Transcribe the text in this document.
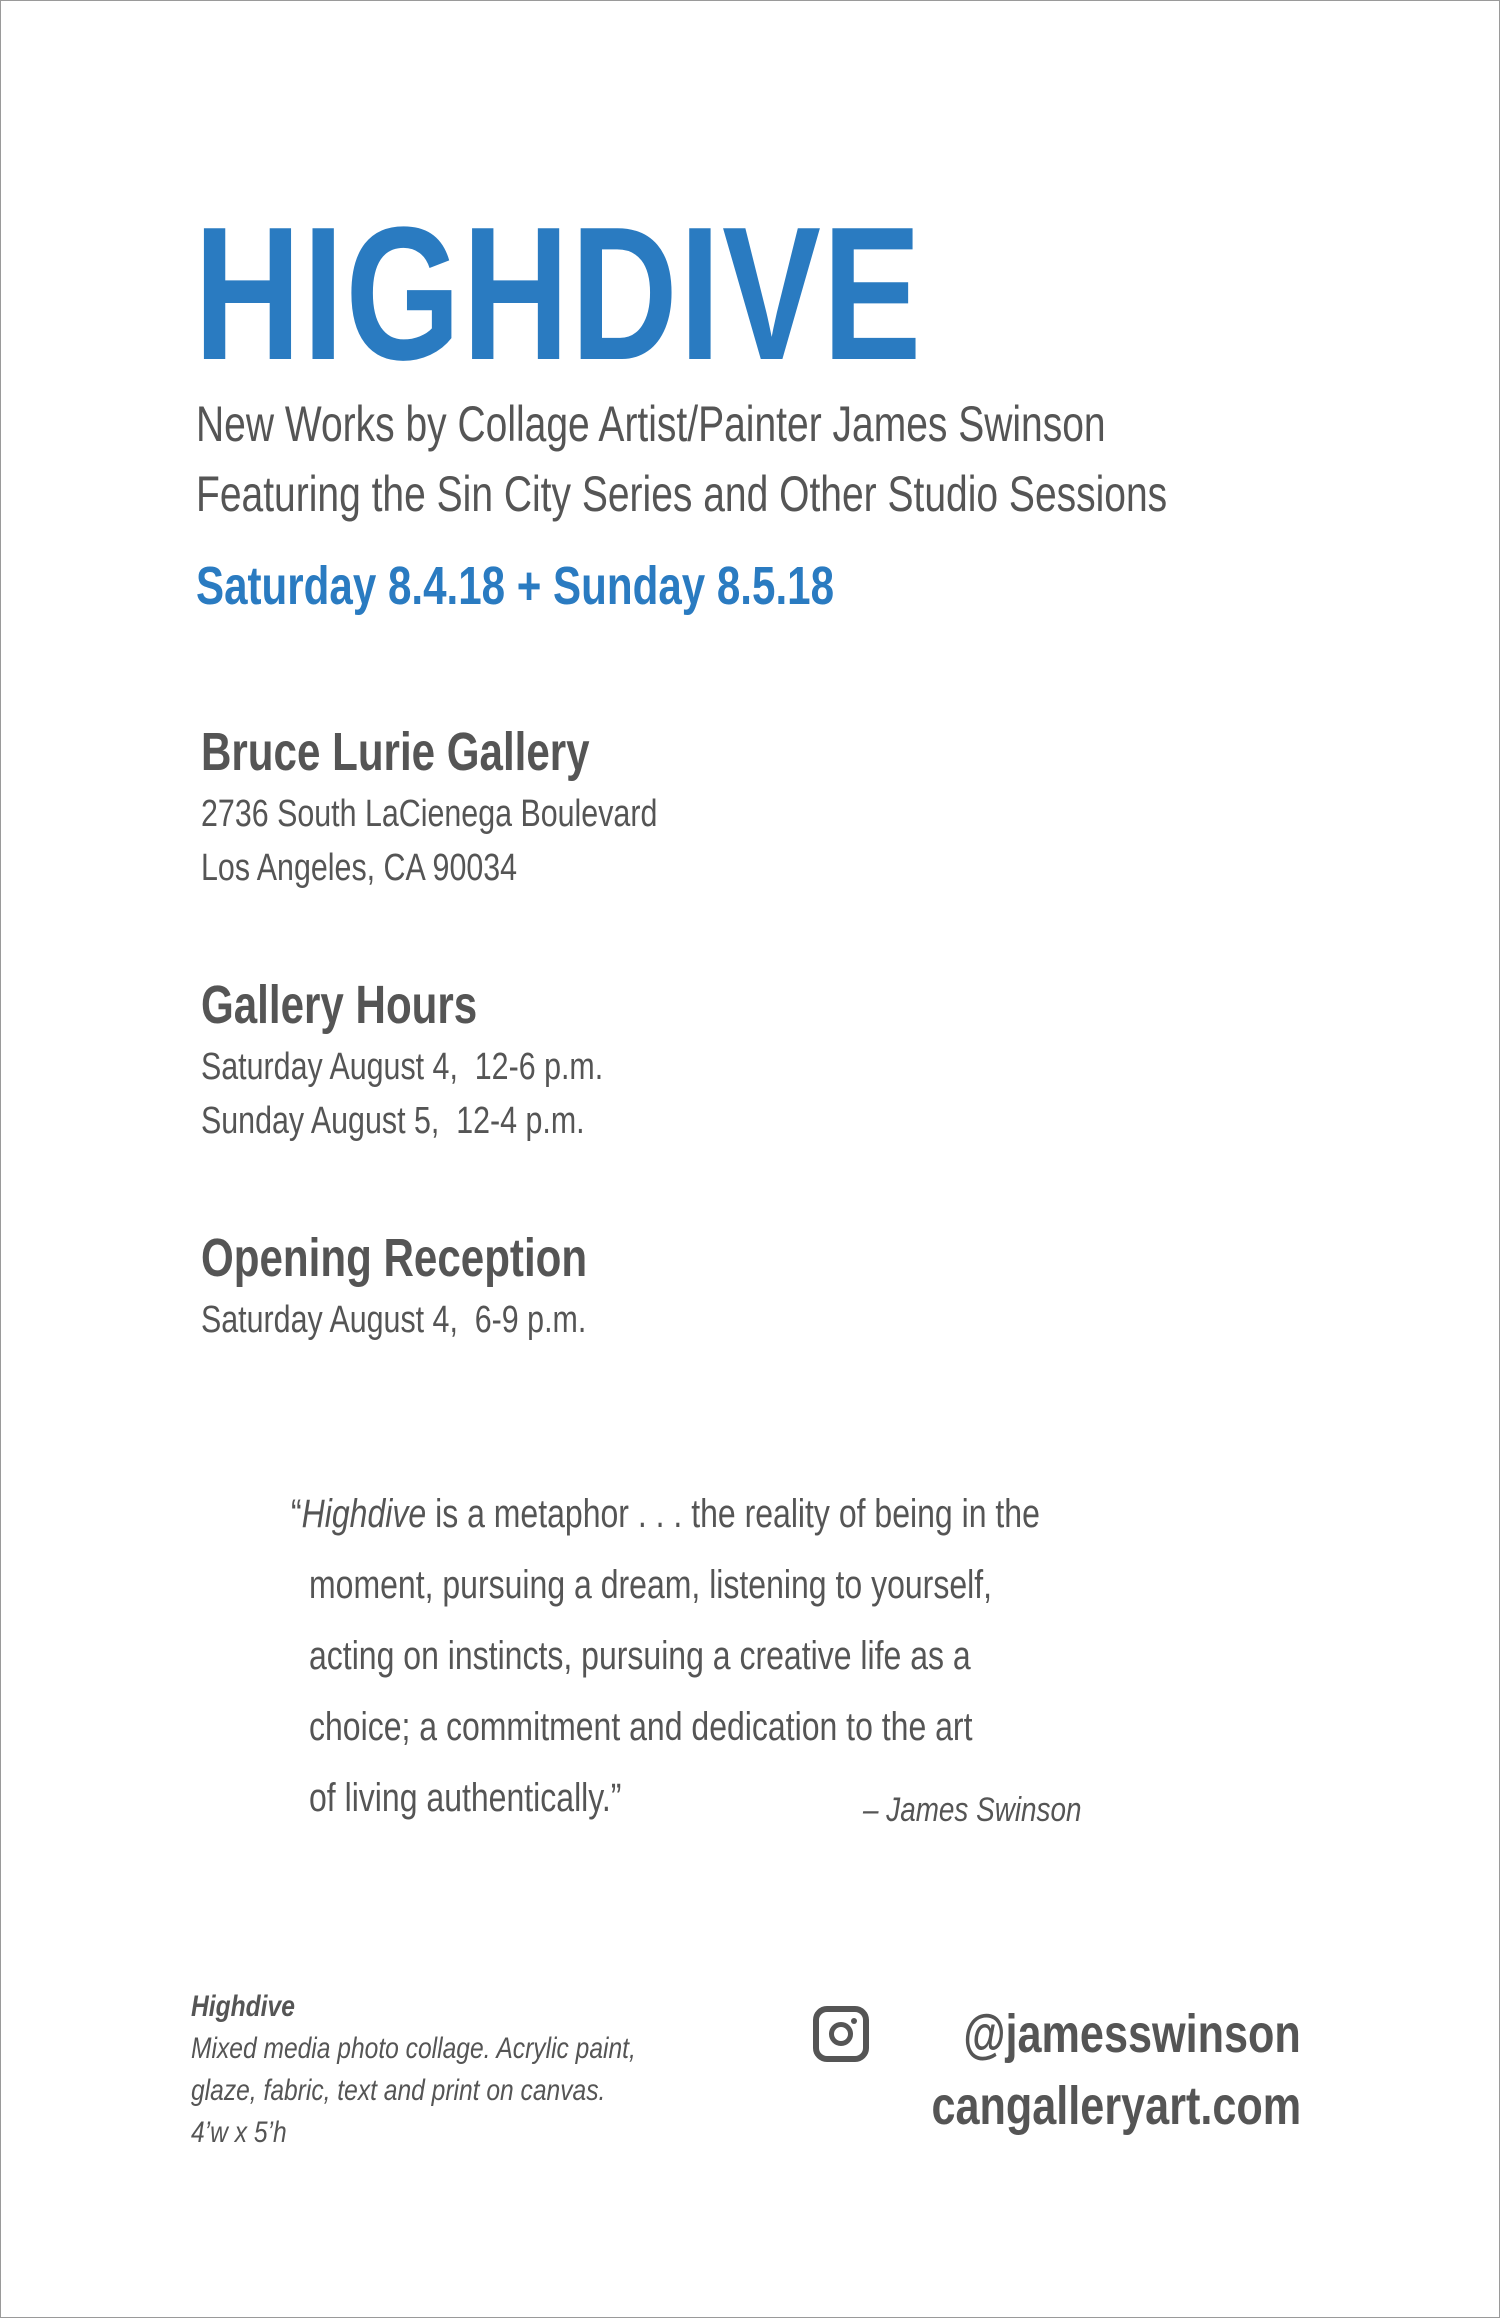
HIGHDIVE
New Works by Collage Artist/Painter James Swinson
Featuring the Sin City Series and Other Studio Sessions
Saturday 8.4.18 + Sunday 8.5.18
Bruce Lurie Gallery
2736 South LaCienega Boulevard
Los Angeles, CA 90034
Gallery Hours
Saturday August 4,  12-6 p.m.
Sunday August 5,  12-4 p.m.
Opening Reception
Saturday August 4,  6-9 p.m.
“Highdive is a metaphor . . . the reality of being in the
moment, pursuing a dream, listening to yourself,
acting on instincts, pursuing a creative life as a
choice; a commitment and dedication to the art
of living authentically.”	– James Swinson
Highdive
Mixed media photo collage. Acrylic paint,
glaze, fabric, text and print on canvas.
4’w x 5’h
@jamesswinson
cangalleryart.com
